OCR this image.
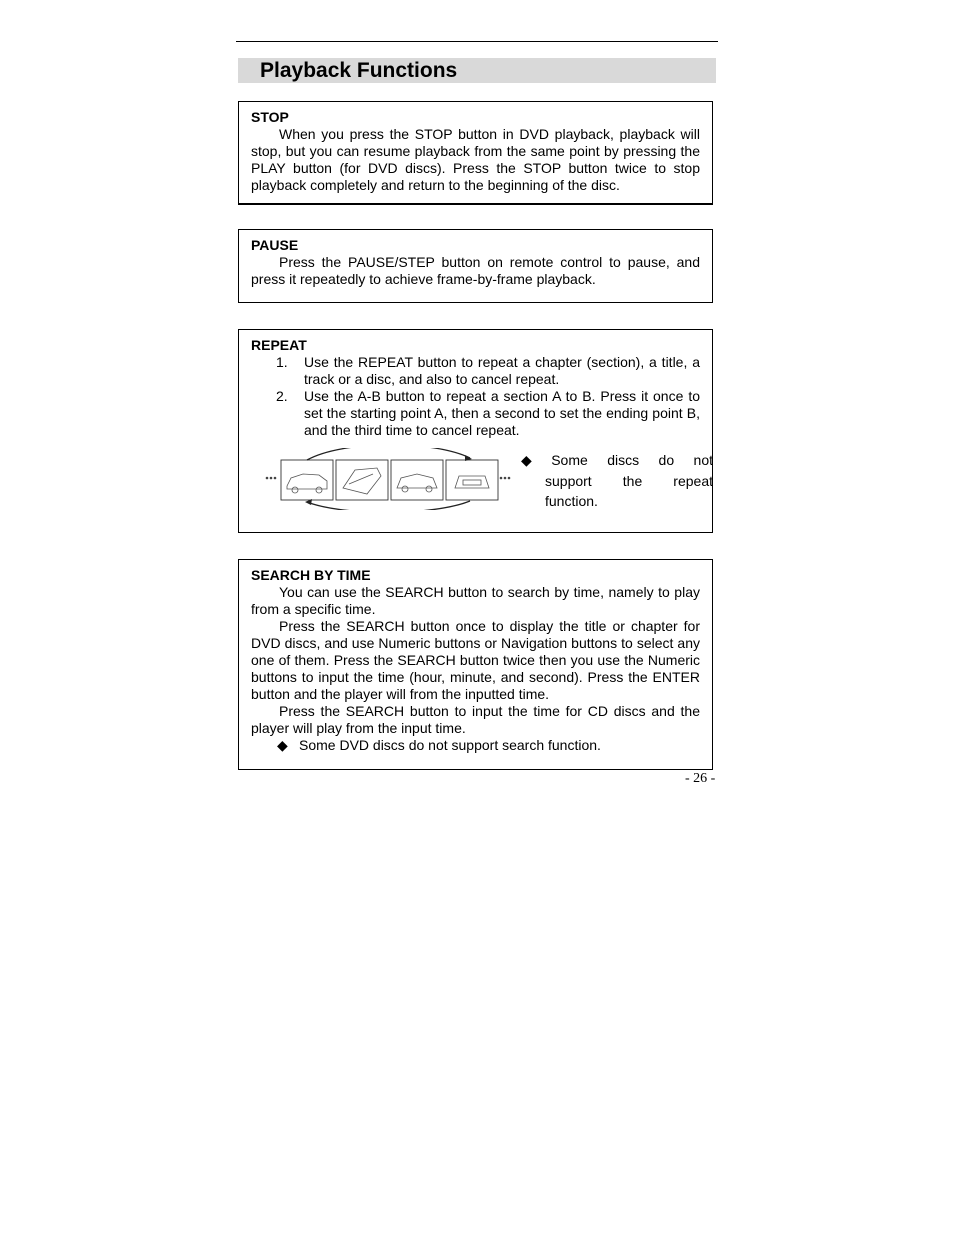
Playback Functions
STOP

When you press the STOP button in DVD playback, playback will stop, but you can resume playback from the same point by pressing the PLAY button (for DVD discs). Press the STOP button twice to stop playback completely and return to the beginning of the disc.

PAUSE

Press the PAUSE/STEP button on remote control to pause, and press it repeatedly to achieve frame-by-frame playback.

REPEAT
1. Use the REPEAT button to repeat a chapter (section), a title, a track or a disc, and also to cancel repeat.
2. Use the A-B button to repeat a section A to B. Press it once to set the starting point A, then a second to set the ending point B, and the third time to cancel repeat.
◆ Some discs do not
support the repeat
function.
SEARCH BY TIME

You can use the SEARCH button to search by time, namely to play from a specific time.

Press the SEARCH button once to display the title or chapter for DVD discs, and use Numeric buttons or Navigation buttons to select any one of them. Press the SEARCH button twice then you use the Numeric buttons to input the time (hour, minute, and second). Press the ENTER button and the player will from the inputted time.

Press the SEARCH button to input the time for CD discs and the player will play from the input time.

◆ Some DVD discs do not support search function.
- 26 -
